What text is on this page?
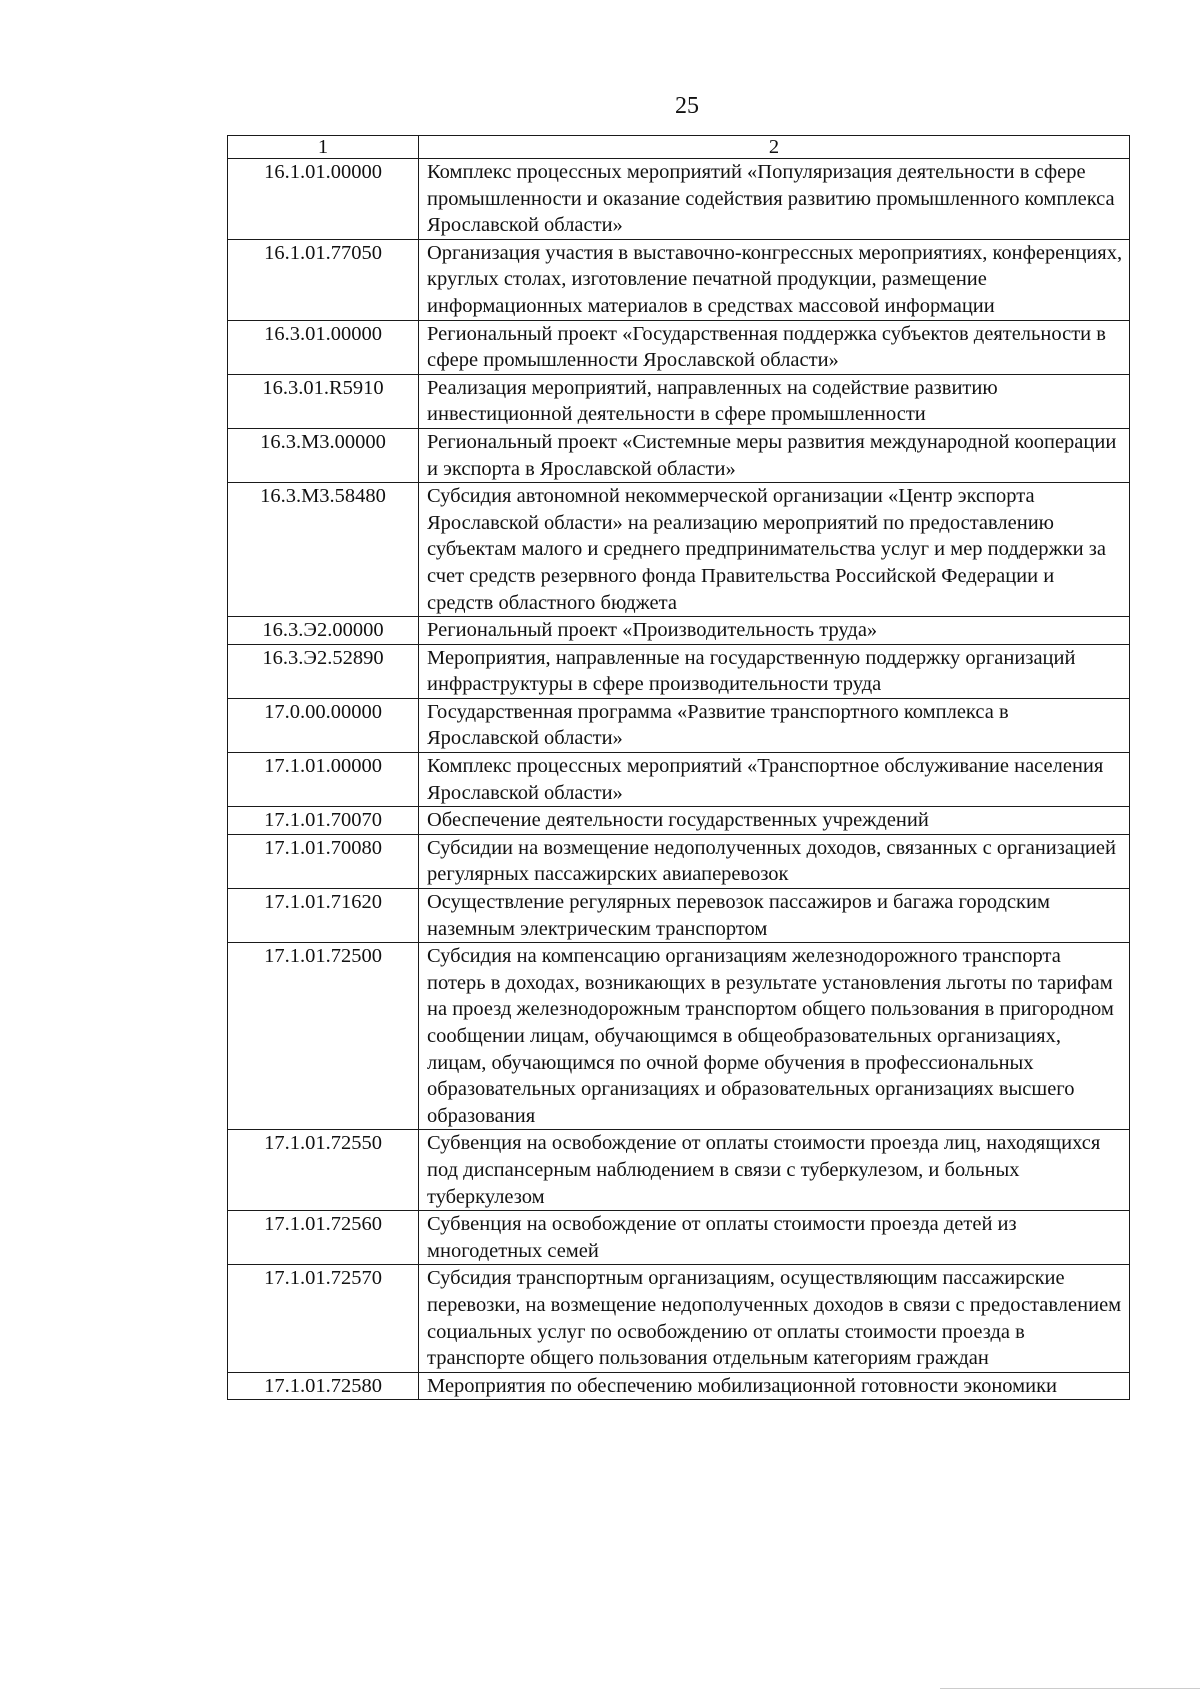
25
1	2
16.1.01.00000	Комплекс процессных мероприятий «Популяризация деятельности в сфере промышленности и оказание содействия развитию промышленного комплекса Ярославской области»
16.1.01.77050	Организация участия в выставочно-конгрессных мероприятиях, конференциях, круглых столах, изготовление печатной продукции, размещение информационных материалов в средствах массовой информации
16.3.01.00000	Региональный проект «Государственная поддержка субъектов деятельности в сфере промышленности Ярославской области»
16.3.01.R5910	Реализация мероприятий, направленных на содействие развитию инвестиционной деятельности в сфере промышленности
16.3.М3.00000	Региональный проект «Системные меры развития международной кооперации и экспорта в Ярославской области»
16.3.М3.58480	Субсидия автономной некоммерческой организации «Центр экспорта Ярославской области» на реализацию мероприятий по предоставлению субъектам малого и среднего предпринимательства услуг и мер поддержки за счет средств резервного фонда Правительства Российской Федерации и средств областного бюджета
16.3.Э2.00000	Региональный проект «Производительность труда»
16.3.Э2.52890	Мероприятия, направленные на государственную поддержку организаций инфраструктуры в сфере производительности труда
17.0.00.00000	Государственная программа «Развитие транспортного комплекса в Ярославской области»
17.1.01.00000	Комплекс процессных мероприятий «Транспортное обслуживание населения Ярославской области»
17.1.01.70070	Обеспечение деятельности государственных учреждений
17.1.01.70080	Субсидии на возмещение недополученных доходов, связанных с организацией регулярных пассажирских авиаперевозок
17.1.01.71620	Осуществление регулярных перевозок пассажиров и багажа городским наземным электрическим транспортом
17.1.01.72500	Субсидия на компенсацию организациям железнодорожного транспорта потерь в доходах, возникающих в результате установления льготы по тарифам на проезд железнодорожным транспортом общего пользования в пригородном сообщении лицам, обучающимся в общеобразовательных организациях, лицам, обучающимся по очной форме обучения в профессиональных образовательных организациях и образовательных организациях высшего образования
17.1.01.72550	Субвенция на освобождение от оплаты стоимости проезда лиц, находящихся под диспансерным наблюдением в связи с туберкулезом, и больных туберкулезом
17.1.01.72560	Субвенция на освобождение от оплаты стоимости проезда детей из многодетных семей
17.1.01.72570	Субсидия транспортным организациям, осуществляющим пассажирские перевозки, на возмещение недополученных доходов в связи с предоставлением социальных услуг по освобождению от оплаты стоимости проезда в транспорте общего пользования отдельным категориям граждан
17.1.01.72580	Мероприятия по обеспечению мобилизационной готовности экономики
